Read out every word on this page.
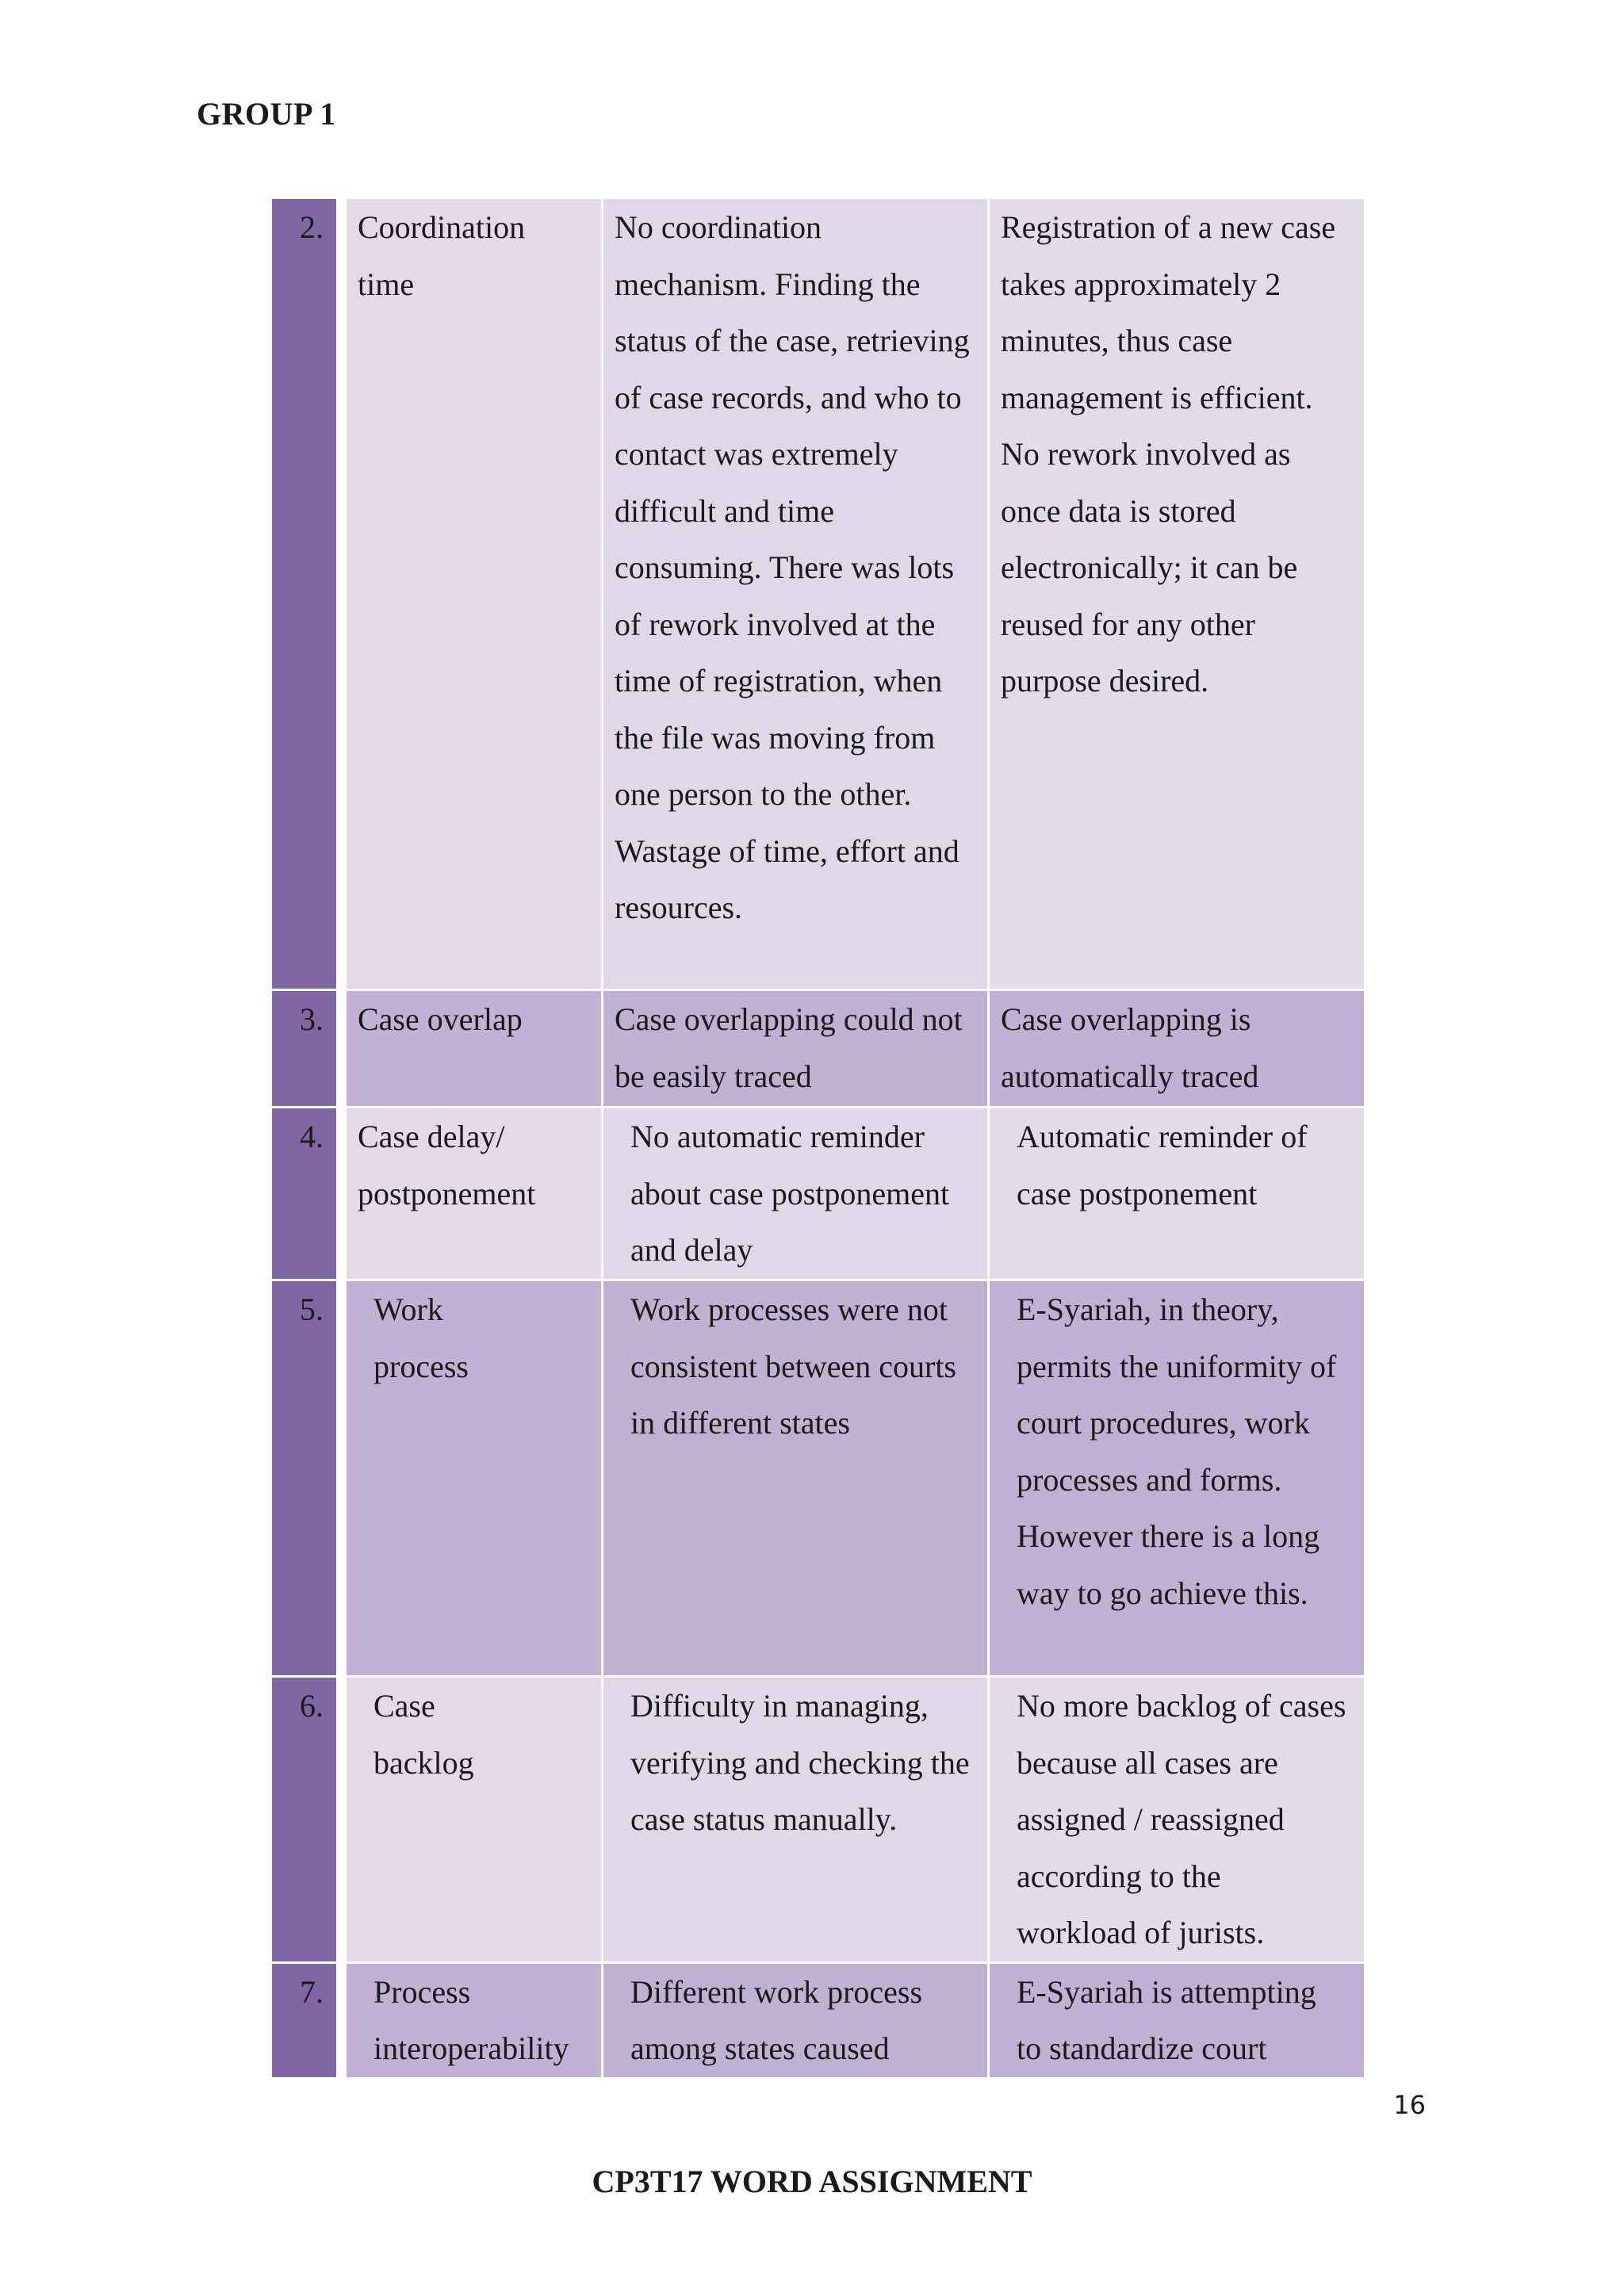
GROUP 1
2.		Coordination time	No coordination mechanism. Finding the status of the case, retrieving of case records, and who to contact was extremely difficult and time consuming. There was lots of rework involved at the time of registration, when the file was moving from one person to the other. Wastage of time, effort and resources.	Registration of a new case takes approximately 2 minutes, thus case management is efficient. No rework involved as once data is stored electronically; it can be reused for any other purpose desired.
3.		Case overlap	Case overlapping could not be easily traced	Case overlapping is automatically traced
4.		Case delay/ postponement	No automatic reminder about case postponement and delay	Automatic reminder of case postponement
5.		Work process	Work processes were not consistent between courts in different states	E-Syariah, in theory, permits the uniformity of court procedures, work processes and forms. However there is a long way to go achieve this.
6.		Case backlog	Difficulty in managing, verifying and checking the case status manually.	No more backlog of cases because all cases are assigned / reassigned according to the workload of jurists.
7.		Process interoperability	Different work process among states caused	E-Syariah is attempting to standardize court
16
CP3T17 WORD ASSIGNMENT
